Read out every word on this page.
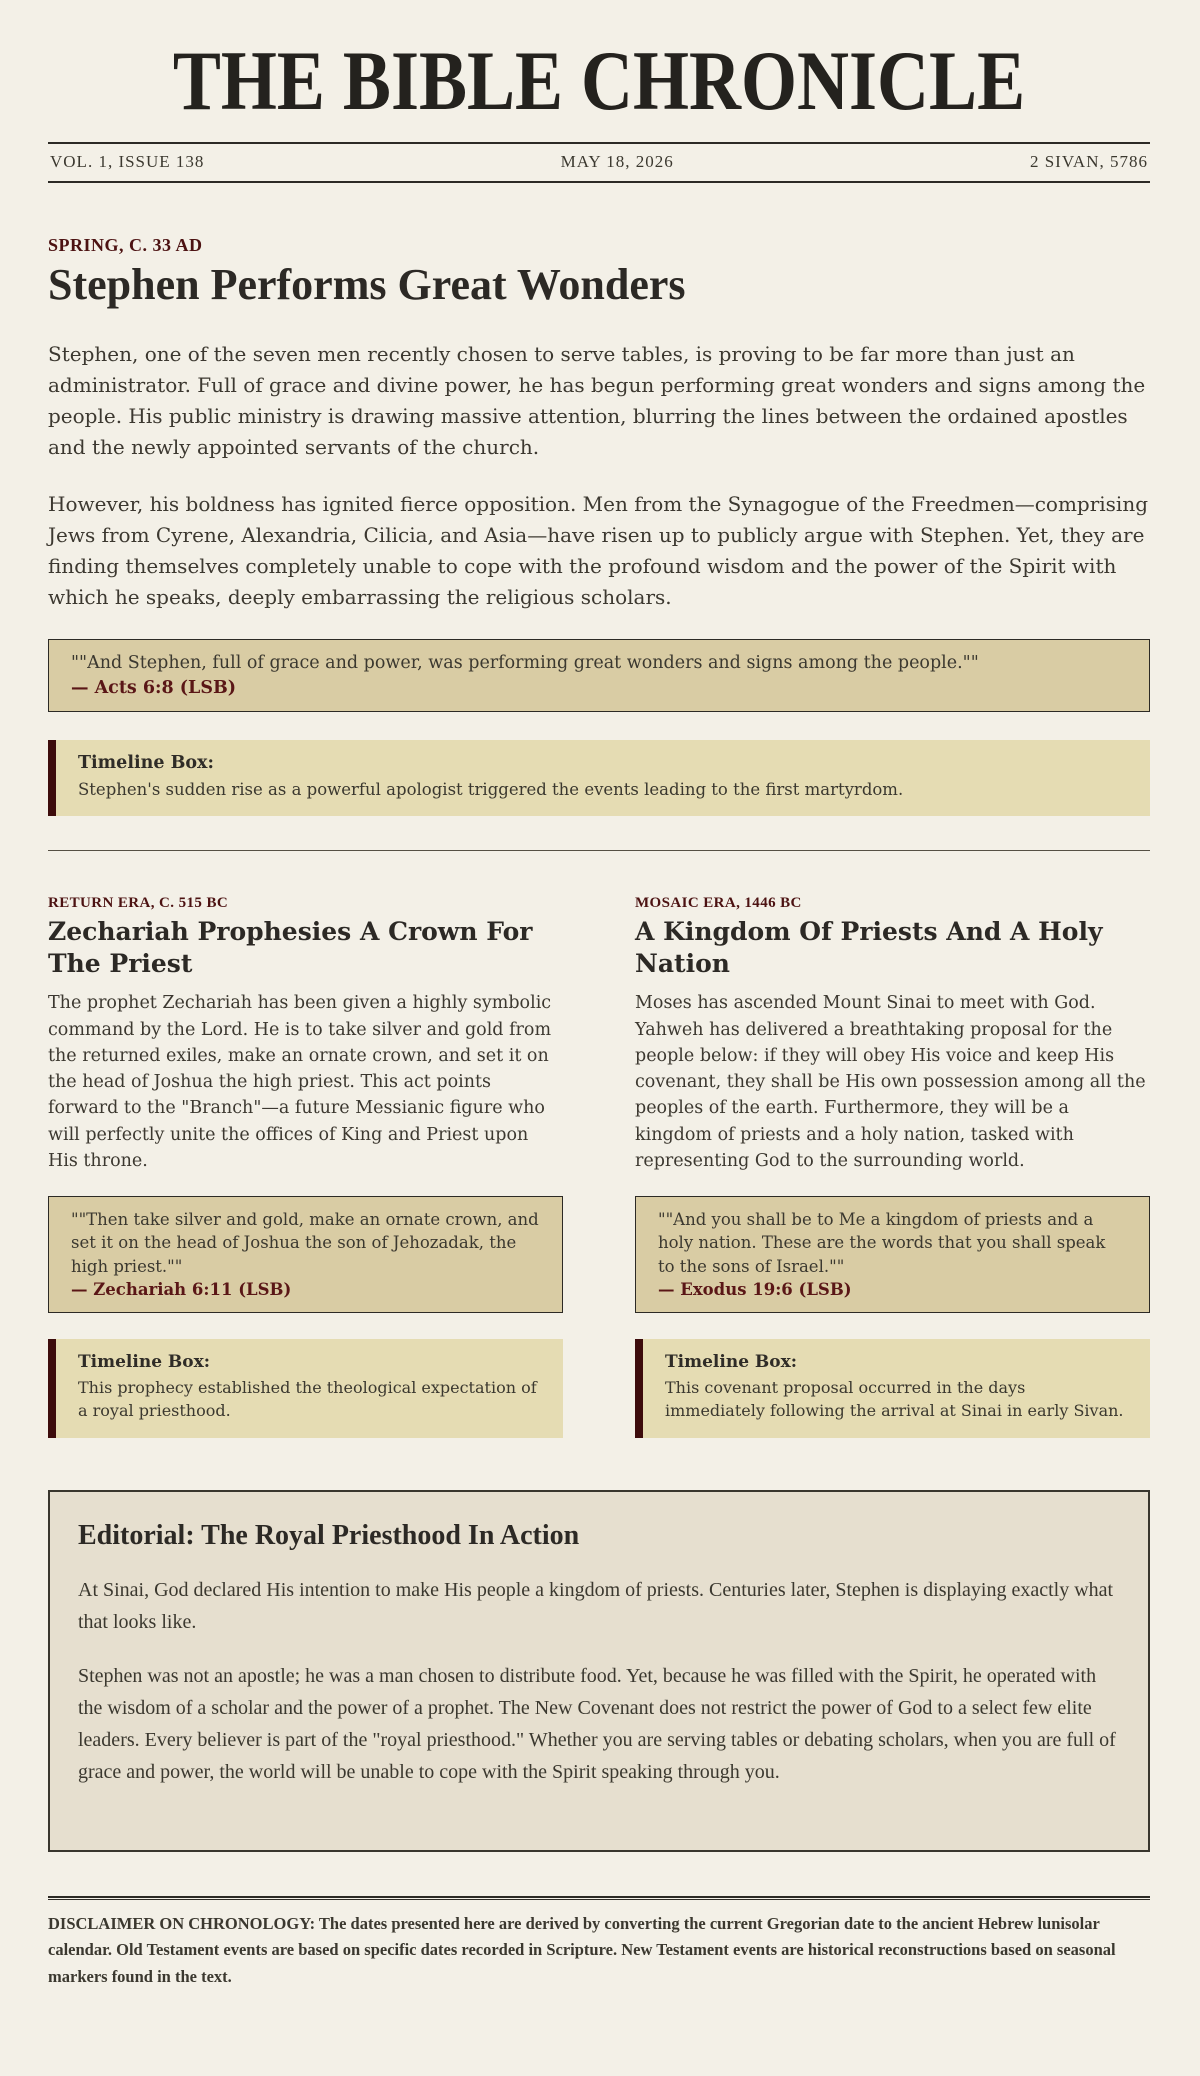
THE BIBLE CHRONICLE
VOL. 1, ISSUE 138	MAY 18, 2026	2 SIVAN, 5786
SPRING, C. 33 AD
Stephen Performs Great Wonders

Stephen, one of the seven men recently chosen to serve tables, is proving to be far more than just an administrator. Full of grace and divine power, he has begun performing great wonders and signs among the people. His public ministry is drawing massive attention, blurring the lines between the ordained apostles and the newly appointed servants of the church.

However, his boldness has ignited fierce opposition. Men from the Synagogue of the Freedmen—comprising Jews from Cyrene, Alexandria, Cilicia, and Asia—have risen up to publicly argue with Stephen. Yet, they are finding themselves completely unable to cope with the profound wisdom and the power of the Spirit with which he speaks, deeply embarrassing the religious scholars.

""And Stephen, full of grace and power, was performing great wonders and signs among the people.""
— Acts 6:8 (LSB)
Timeline Box:
Stephen's sudden rise as a powerful apologist triggered the events leading to the first martyrdom.
RETURN ERA, C. 515 BC	MOSAIC ERA, 1446 BC
Zechariah Prophesies A Crown For The Priest
A Kingdom Of Priests And A Holy Nation

The prophet Zechariah has been given a highly symbolic command by the Lord. He is to take silver and gold from the returned exiles, make an ornate crown, and set it on the head of Joshua the high priest. This act points forward to the "Branch"—a future Messianic figure who will perfectly unite the offices of King and Priest upon His throne.

Moses has ascended Mount Sinai to meet with God. Yahweh has delivered a breathtaking proposal for the people below: if they will obey His voice and keep His covenant, they shall be His own possession among all the peoples of the earth. Furthermore, they will be a kingdom of priests and a holy nation, tasked with representing God to the surrounding world.

""Then take silver and gold, make an ornate crown, and set it on the head of Joshua the son of Jehozadak, the high priest.""
— Zechariah 6:11 (LSB)
""And you shall be to Me a kingdom of priests and a holy nation. These are the words that you shall speak to the sons of Israel.""
— Exodus 19:6 (LSB)
Timeline Box:
This prophecy established the theological expectation of a royal priesthood.
Timeline Box:
This covenant proposal occurred in the days immediately following the arrival at Sinai in early Sivan.
Editorial: The Royal Priesthood In Action

At Sinai, God declared His intention to make His people a kingdom of priests. Centuries later, Stephen is displaying exactly what that looks like.

Stephen was not an apostle; he was a man chosen to distribute food. Yet, because he was filled with the Spirit, he operated with the wisdom of a scholar and the power of a prophet. The New Covenant does not restrict the power of God to a select few elite leaders. Every believer is part of the "royal priesthood." Whether you are serving tables or debating scholars, when you are full of grace and power, the world will be unable to cope with the Spirit speaking through you.

DISCLAIMER ON CHRONOLOGY: The dates presented here are derived by converting the current Gregorian date to the ancient Hebrew lunisolar calendar. Old Testament events are based on specific dates recorded in Scripture. New Testament events are historical reconstructions based on seasonal markers found in the text.
